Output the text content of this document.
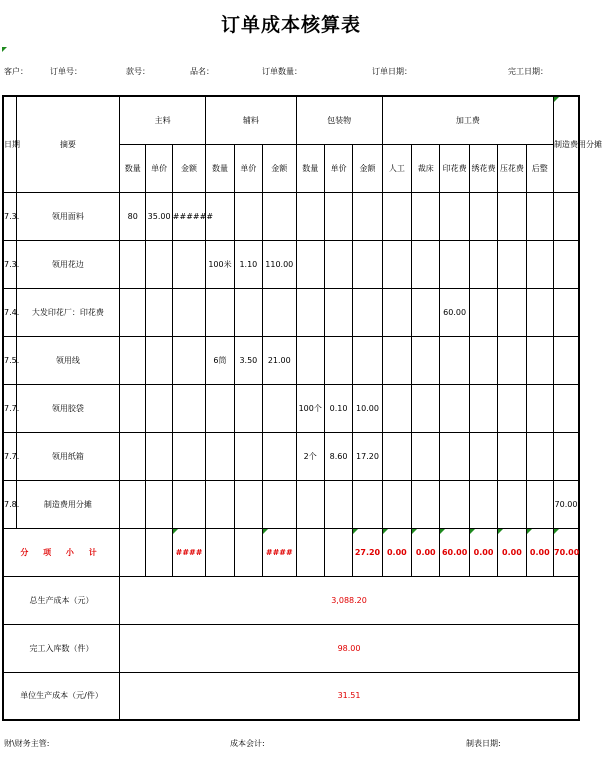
订单成本核算表
客户：	订单号：	款号：	品名：	订单数量：	订单日期：	完工日期：
日期	摘要	主料			辅料			包装物			加工费						制造费用分摊
		数量	单价	金额	数量	单价	金额	数量	单价	金额	人工	裁床	印花费	绣花费	压花费	后整	
7.3.	领用面料	80	35.00	######													
7.3.	领用花边				100米	1.10	110.00										
7.4.	大发印花厂：印花费												60.00				
7.5.	领用线				6筒	3.50	21.00										
7.7.	领用胶袋							100个	0.10	10.00							
7.7.	领用纸箱							2个	8.60	17.20							
7.8.	制造费用分摊																70.00
分 项 小 计				####			####			27.20	0.00	0.00	60.00	0.00	0.00	0.00	70.00
总生产成本（元）		3,088.20															
完工入库数（件）		98.00															
单位生产成本（元/件）		31.51															
财\财务主管:	成本会计:	制表日期:
